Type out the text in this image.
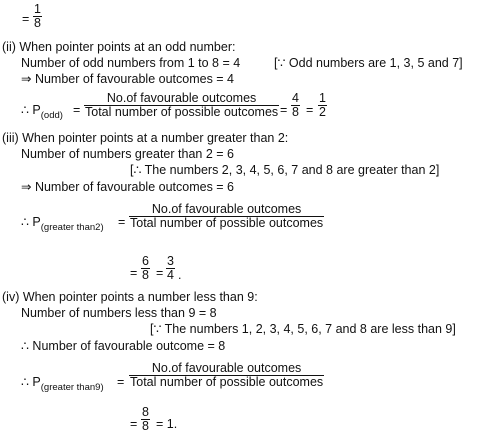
= $\frac{1}{8}$
(ii) When pointer points at an odd number:
Number of odd numbers from 1 to 8 = 4	[∵ Odd numbers are 1, 3, 5 and 7]
⇒ Number of favourable outcomes = 4
∴ $P_{(odd)}$ =
No.of favourable outcomes
Total number of possible outcomes = $\frac{4}{8} = \frac{1}{2}$
(iii) When pointer points at a number greater than 2:
Number of numbers greater than 2 = 6
[∴ The numbers 2, 3, 4, 5, 6, 7 and 8 are greater than 2]
⇒ Number of favourable outcomes = 6
∴ $P_{(greater than2)}$ =
No.of favourable outcomes
Total number of possible outcomes
= $\frac{6}{8} = \frac{3}{4}$ .
(iv) When pointer points a number less than 9:
Number of numbers less than 9 = 8
[∵ The numbers 1, 2, 3, 4, 5, 6, 7 and 8 are less than 9]
∴ Number of favourable outcome = 8
∴ $P_{(greater than9)}$ =
No.of favourable outcomes
Total number of possible outcomes
= $\frac{8}{8} = 1$.
